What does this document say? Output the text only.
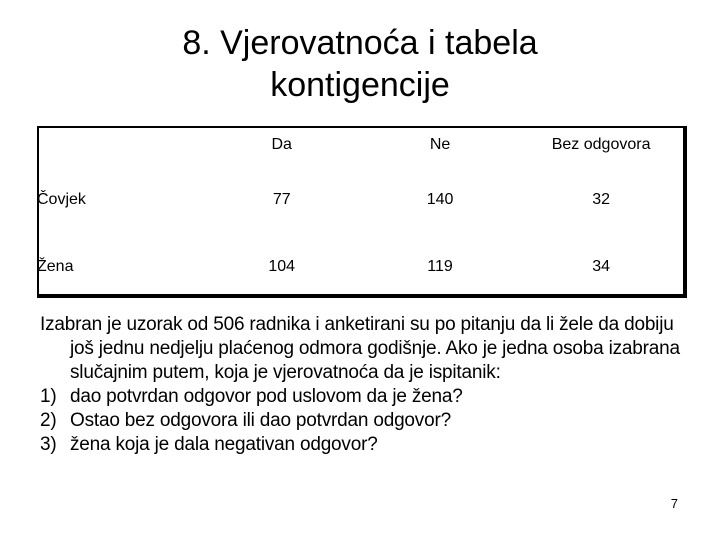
8. Vjerovatnoća i tabela
kontigencije
	Da	Ne	Bez odgovora
Čovjek	77	140	32
Žena	104	119	34

Izabran je uzorak od 506 radnika i anketirani su po pitanju da li žele da dobiju još jednu nedjelju plaćenog odmora godišnje. Ako je jedna osoba izabrana slučajnim putem, koja je vjerovatnoća da je ispitanik:

1) dao potvrdan odgovor pod uslovom da je žena?
2) Ostao bez odgovora ili dao potvrdan odgovor?
3) žena koja je dala negativan odgovor?
7
